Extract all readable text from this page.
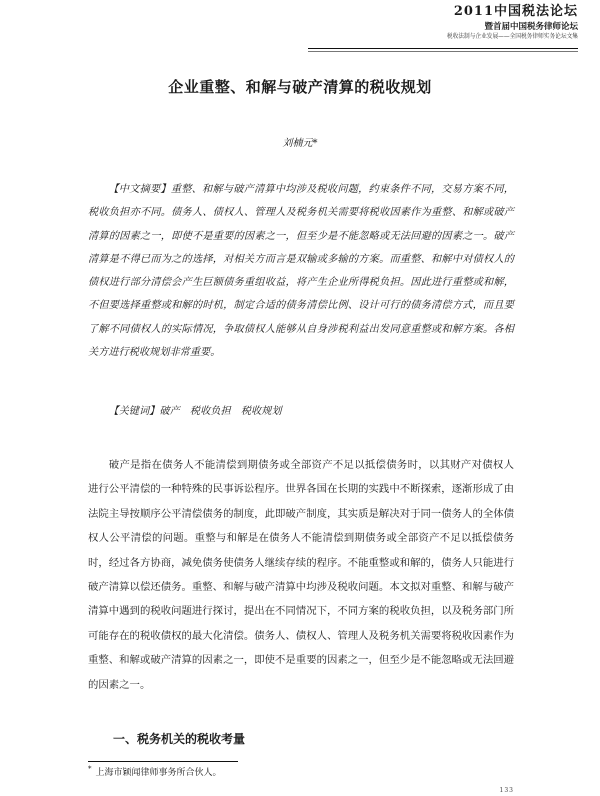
2011中国税法论坛
暨首届中国税务律师论坛
税收法制与企业发展——全国税务律师实务论坛文集
企业重整、和解与破产清算的税收规划
刘楠元*

【中文摘要】重整、和解与破产清算中均涉及税收问题，约束条件不同，交易方案不同，税收负担亦不同。债务人、债权人、管理人及税务机关需要将税收因素作为重整、和解或破产清算的因素之一，即使不是重要的因素之一，但至少是不能忽略或无法回避的因素之一。破产清算是不得已而为之的选择，对相关方而言是双输或多输的方案。而重整、和解中对债权人的债权进行部分清偿会产生巨额债务重组收益，将产生企业所得税负担。因此进行重整或和解，不但要选择重整或和解的时机，制定合适的债务清偿比例、设计可行的债务清偿方式，而且要了解不同债权人的实际情况，争取债权人能够从自身涉税利益出发同意重整或和解方案。各相关方进行税收规划非常重要。

【关键词】破产　税收负担　税收规划

破产是指在债务人不能清偿到期债务或全部资产不足以抵偿债务时，以其财产对债权人进行公平清偿的一种特殊的民事诉讼程序。世界各国在长期的实践中不断探索，逐渐形成了由法院主导按顺序公平清偿债务的制度，此即破产制度，其实质是解决对于同一债务人的全体债权人公平清偿的问题。重整与和解是在债务人不能清偿到期债务或全部资产不足以抵偿债务时，经过各方协商，减免债务使债务人继续存续的程序。不能重整或和解的，债务人只能进行破产清算以偿还债务。重整、和解与破产清算中均涉及税收问题。本文拟对重整、和解与破产清算中遇到的税收问题进行探讨，提出在不同情况下，不同方案的税收负担，以及税务部门所可能存在的税收债权的最大化清偿。债务人、债权人、管理人及税务机关需要将税收因素作为重整、和解或破产清算的因素之一，即使不是重要的因素之一，但至少是不能忽略或无法回避的因素之一。

一、税务机关的税收考量
* 上海市颖闻律师事务所合伙人。
133
